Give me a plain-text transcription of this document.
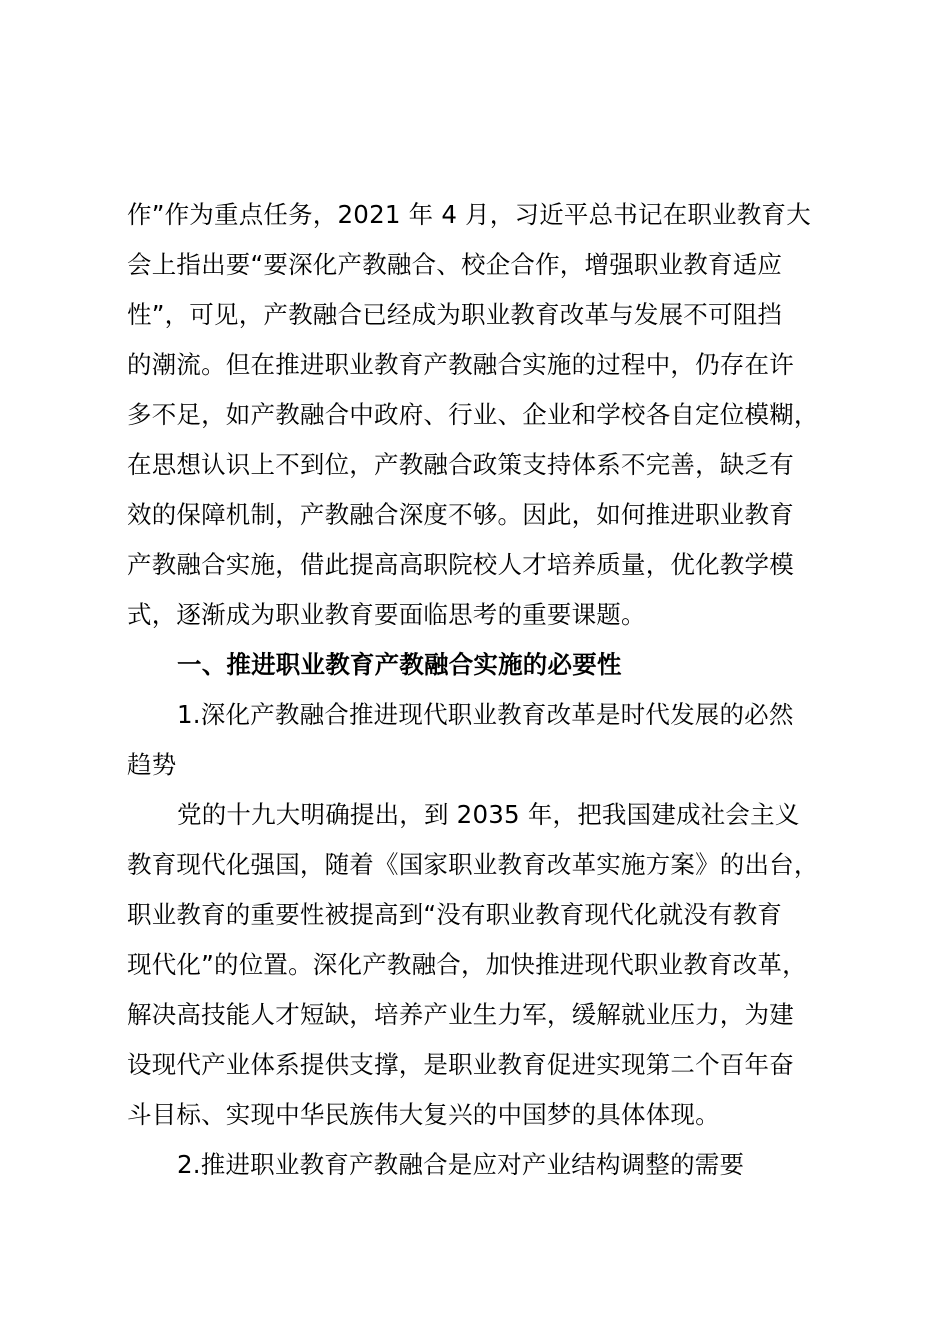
作”作为重点任务，2021 年 4 月，习近平总书记在职业教育大
会上指出要“要深化产教融合、校企合作，增强职业教育适应
性”，可见，产教融合已经成为职业教育改革与发展不可阻挡
的潮流。但在推进职业教育产教融合实施的过程中，仍存在许
多不足，如产教融合中政府、行业、企业和学校各自定位模糊，
在思想认识上不到位，产教融合政策支持体系不完善，缺乏有
效的保障机制，产教融合深度不够。因此，如何推进职业教育
产教融合实施，借此提高高职院校人才培养质量，优化教学模
式，逐渐成为职业教育要面临思考的重要课题。
一、推进职业教育产教融合实施的必要性
1.深化产教融合推进现代职业教育改革是时代发展的必然
趋势
党的十九大明确提出，到 2035 年，把我国建成社会主义
教育现代化强国，随着《国家职业教育改革实施方案》的出台，
职业教育的重要性被提高到“没有职业教育现代化就没有教育
现代化”的位置。深化产教融合，加快推进现代职业教育改革，
解决高技能人才短缺，培养产业生力军，缓解就业压力，为建
设现代产业体系提供支撑，是职业教育促进实现第二个百年奋
斗目标、实现中华民族伟大复兴的中国梦的具体体现。
2.推进职业教育产教融合是应对产业结构调整的需要
